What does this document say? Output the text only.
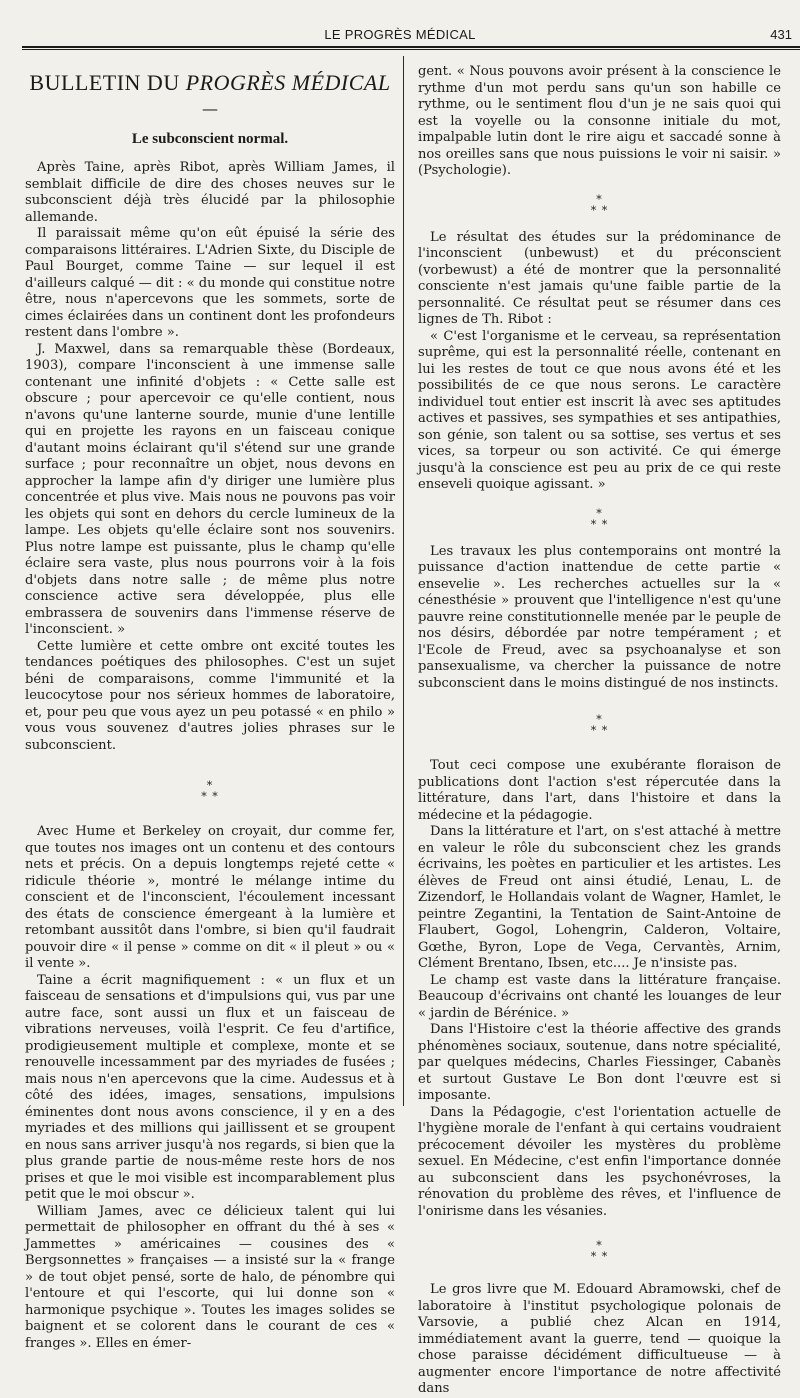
LE PROGRÈS MÉDICAL	431
BULLETIN DU PROGRÈS MÉDICAL
—
Le subconscient normal.

Après Taine, après Ribot, après William James, il semblait difficile de dire des choses neuves sur le subconscient déjà très élucidé par la philosophie allemande.

Il paraissait même qu'on eût épuisé la série des comparaisons littéraires. L'Adrien Sixte, du Disciple de Paul Bourget, comme Taine — sur lequel il est d'ailleurs calqué — dit : « du monde qui constitue notre être, nous n'apercevons que les sommets, sorte de cimes éclairées dans un continent dont les profondeurs restent dans l'ombre ».

J. Maxwel, dans sa remarquable thèse (Bordeaux, 1903), compare l'inconscient à une immense salle contenant une infinité d'objets : « Cette salle est obscure ; pour apercevoir ce qu'elle contient, nous n'avons qu'une lanterne sourde, munie d'une lentille qui en projette les rayons en un faisceau conique d'autant moins éclairant qu'il s'étend sur une grande surface ; pour reconnaître un objet, nous devons en approcher la lampe afin d'y diriger une lumière plus concentrée et plus vive. Mais nous ne pouvons pas voir les objets qui sont en dehors du cercle lumineux de la lampe. Les objets qu'elle éclaire sont nos souvenirs. Plus notre lampe est puissante, plus le champ qu'elle éclaire sera vaste, plus nous pourrons voir à la fois d'objets dans notre salle ; de même plus notre conscience active sera développée, plus elle embrassera de souvenirs dans l'immense réserve de l'inconscient. »

Cette lumière et cette ombre ont excité toutes les tendances poétiques des philosophes. C'est un sujet béni de comparaisons, comme l'immunité et la leucocytose pour nos sérieux hommes de laboratoire, et, pour peu que vous ayez un peu potassé « en philo » vous vous souvenez d'autres jolies phrases sur le subconscient.

*
* *

Avec Hume et Berkeley on croyait, dur comme fer, que toutes nos images ont un contenu et des contours nets et précis. On a depuis longtemps rejeté cette « ridicule théorie », montré le mélange intime du conscient et de l'inconscient, l'écoulement incessant des états de conscience émergeant à la lumière et retombant aussitôt dans l'ombre, si bien qu'il faudrait pouvoir dire « il pense » comme on dit « il pleut » ou « il vente ».

Taine a écrit magnifiquement : « un flux et un faisceau de sensations et d'impulsions qui, vus par une autre face, sont aussi un flux et un faisceau de vibrations nerveuses, voilà l'esprit. Ce feu d'artifice, prodigieusement multiple et complexe, monte et se renouvelle incessamment par des myriades de fusées ; mais nous n'en apercevons que la cime. Audessus et à côté des idées, images, sensations, impulsions éminentes dont nous avons conscience, il y en a des myriades et des millions qui jaillissent et se groupent en nous sans arriver jusqu'à nos regards, si bien que la plus grande partie de nous-même reste hors de nos prises et que le moi visible est incomparablement plus petit que le moi obscur ».

William James, avec ce délicieux talent qui lui permettait de philosopher en offrant du thé à ses « Jammettes » américaines — cousines des « Bergsonnettes » françaises — a insisté sur la « frange » de tout objet pensé, sorte de halo, de pénombre qui l'entoure et qui l'escorte, qui lui donne son « harmonique psychique ». Toutes les images solides se baignent et se colorent dans le courant de ces « franges ». Elles en émer-

gent. « Nous pouvons avoir présent à la conscience le rythme d'un mot perdu sans qu'un son habille ce rythme, ou le sentiment flou d'un je ne sais quoi qui est la voyelle ou la consonne initiale du mot, impalpable lutin dont le rire aigu et saccadé sonne à nos oreilles sans que nous puissions le voir ni saisir. » (Psychologie).

*
* *

Le résultat des études sur la prédominance de l'inconscient (unbewust) et du préconscient (vorbewust) a été de montrer que la personnalité consciente n'est jamais qu'une faible partie de la personnalité. Ce résultat peut se résumer dans ces lignes de Th. Ribot :

« C'est l'organisme et le cerveau, sa représentation suprême, qui est la personnalité réelle, contenant en lui les restes de tout ce que nous avons été et les possibilités de ce que nous serons. Le caractère individuel tout entier est inscrit là avec ses aptitudes actives et passives, ses sympathies et ses antipathies, son génie, son talent ou sa sottise, ses vertus et ses vices, sa torpeur ou son activité. Ce qui émerge jusqu'à la conscience est peu au prix de ce qui reste enseveli quoique agissant. »

*
* *

Les travaux les plus contemporains ont montré la puissance d'action inattendue de cette partie « ensevelie ». Les recherches actuelles sur la « cénesthésie » prouvent que l'intelligence n'est qu'une pauvre reine constitutionnelle menée par le peuple de nos désirs, débordée par notre tempérament ; et l'Ecole de Freud, avec sa psychoanalyse et son pansexualisme, va chercher la puissance de notre subconscient dans le moins distingué de nos instincts.

*
* *

Tout ceci compose une exubérante floraison de publications dont l'action s'est répercutée dans la littérature, dans l'art, dans l'histoire et dans la médecine et la pédagogie.

Dans la littérature et l'art, on s'est attaché à mettre en valeur le rôle du subconscient chez les grands écrivains, les poètes en particulier et les artistes. Les élèves de Freud ont ainsi étudié, Lenau, L. de Zizendorf, le Hollandais volant de Wagner, Hamlet, le peintre Zegantini, la Tentation de Saint-Antoine de Flaubert, Gogol, Lohengrin, Calderon, Voltaire, Gœthe, Byron, Lope de Vega, Cervantès, Arnim, Clément Brentano, Ibsen, etc.... Je n'insiste pas.

Le champ est vaste dans la littérature française. Beaucoup d'écrivains ont chanté les louanges de leur « jardin de Bérénice. »

Dans l'Histoire c'est la théorie affective des grands phénomènes sociaux, soutenue, dans notre spécialité, par quelques médecins, Charles Fiessinger, Cabanès et surtout Gustave Le Bon dont l'œuvre est si imposante.

Dans la Pédagogie, c'est l'orientation actuelle de l'hygiène morale de l'enfant à qui certains voudraient précocement dévoiler les mystères du problème sexuel. En Médecine, c'est enfin l'importance donnée au subconscient dans les psychonévroses, la rénovation du problème des rêves, et l'influence de l'onirisme dans les vésanies.

*
* *

Le gros livre que M. Edouard Abramowski, chef de laboratoire à l'institut psychologique polonais de Varsovie, a publié chez Alcan en 1914, immédiatement avant la guerre, tend — quoique la chose paraisse décidément difficultueuse — à augmenter encore l'importance de notre affectivité dans
